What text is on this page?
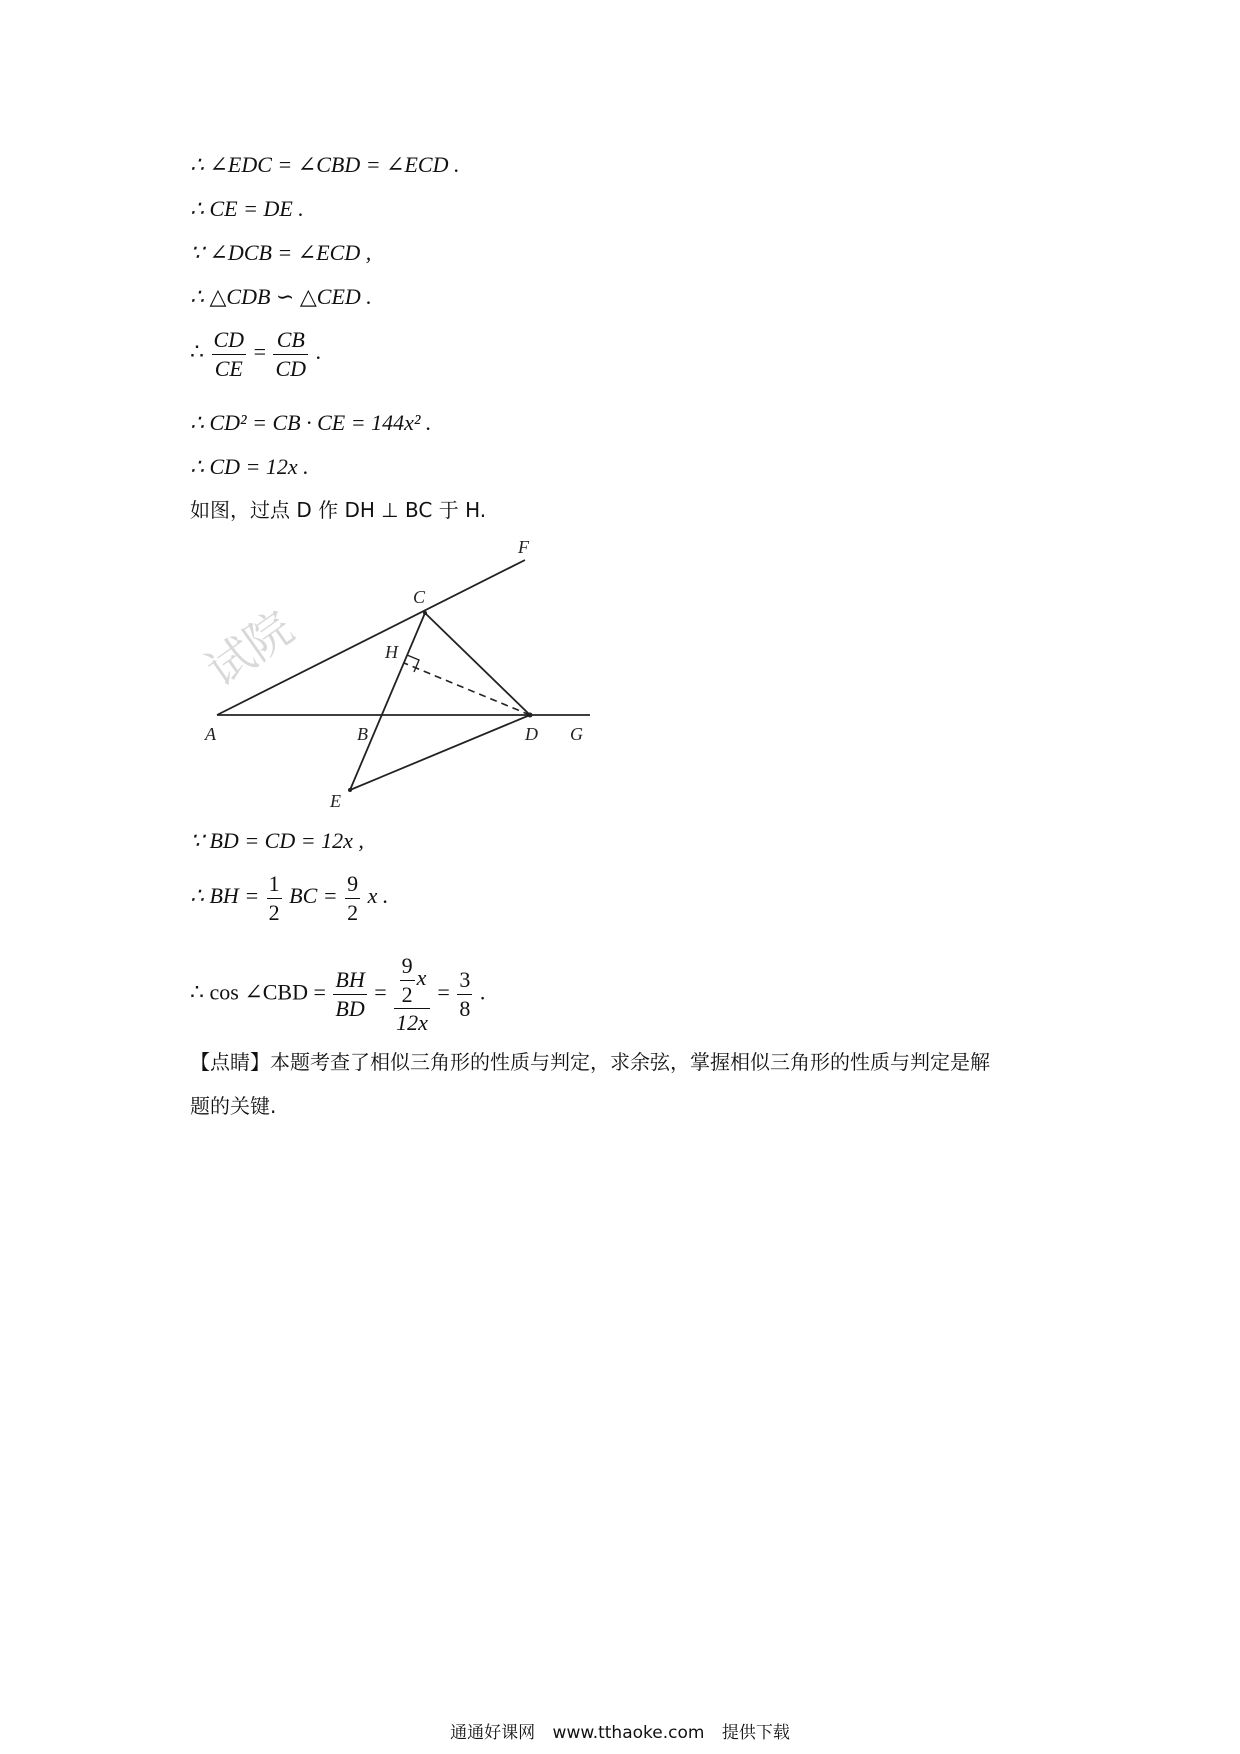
∴ ∠EDC = ∠CBD = ∠ECD .
∴ CE = DE .
∵ ∠DCB = ∠ECD ,
∴ △CDB ∽ △CED .
∴ $\frac{CD}{CE} = \frac{CB}{CD}$ .
∴ CD² = CB · CE = 144x² .
∴ CD = 12x .
如图，过点 D 作 DH ⊥ BC 于 H.
试院
F
C
H
A	B	D G
E
∵ BD = CD = 12x ,
∴ BH = $\frac{1}{2}$ BC = $\frac{9}{2}$ x .
∴ cos ∠CBD = $\frac{BH}{BD} = \frac{\frac{9}{2} x}{12x} = \frac{3}{8}$ .
【点睛】本题考查了相似三角形的性质与判定，求余弦，掌握相似三角形的性质与判定是解
题的关键.
通通好课网 www.tthaoke.com 提供下载
